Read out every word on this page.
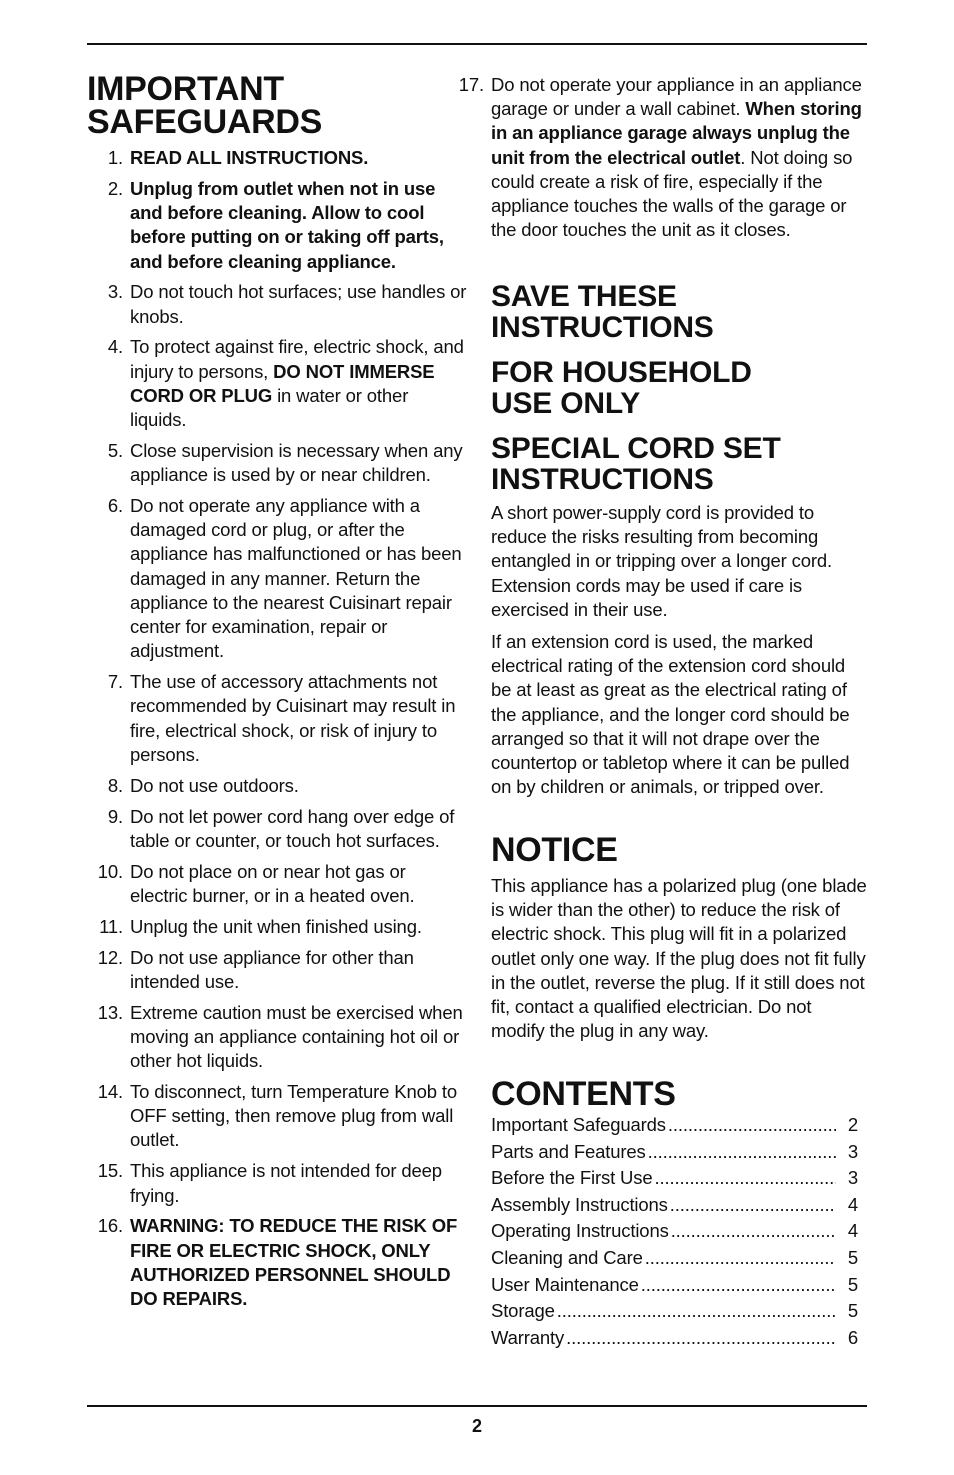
IMPORTANT
SAFEGUARDS
1. READ ALL INSTRUCTIONS.
2. Unplug from outlet when not in use and before cleaning. Allow to cool before putting on or taking off parts, and before cleaning appliance.
3. Do not touch hot surfaces; use handles or knobs.
4. To protect against fire, electric shock, and injury to persons, DO NOT IMMERSE CORD OR PLUG in water or other liquids.
5. Close supervision is necessary when any appliance is used by or near children.
6. Do not operate any appliance with a damaged cord or plug, or after the appliance has malfunctioned or has been damaged in any manner. Return the appliance to the nearest Cuisinart repair center for examination, repair or adjustment.
7. The use of accessory attachments not recommended by Cuisinart may result in fire, electrical shock, or risk of injury to persons.
8. Do not use outdoors.
9. Do not let power cord hang over edge of table or counter, or touch hot surfaces.
10. Do not place on or near hot gas or electric burner, or in a heated oven.
11. Unplug the unit when finished using.
12. Do not use appliance for other than intended use.
13. Extreme caution must be exercised when moving an appliance containing hot oil or other hot liquids.
14. To disconnect, turn Temperature Knob to OFF setting, then remove plug from wall outlet.
15. This appliance is not intended for deep frying.
16. WARNING: TO REDUCE THE RISK OF FIRE OR ELECTRIC SHOCK, ONLY AUTHORIZED PERSONNEL SHOULD DO REPAIRS.
17. Do not operate your appliance in an appliance garage or under a wall cabinet. When storing in an appliance garage always unplug the unit from the electrical outlet. Not doing so could create a risk of fire, especially if the appliance touches the walls of the garage or the door touches the unit as it closes.
SAVE THESE
INSTRUCTIONS
FOR HOUSEHOLD
USE ONLY
SPECIAL CORD SET
INSTRUCTIONS

A short power-supply cord is provided to reduce the risks resulting from becoming entangled in or tripping over a longer cord. Extension cords may be used if care is exercised in their use.

If an extension cord is used, the marked electrical rating of the extension cord should be at least as great as the electrical rating of the appliance, and the longer cord should be arranged so that it will not drape over the countertop or tabletop where it can be pulled on by children or animals, or tripped over.

NOTICE

This appliance has a polarized plug (one blade is wider than the other) to reduce the risk of electric shock. This plug will fit in a polarized outlet only one way. If the plug does not fit fully in the outlet, reverse the plug. If it still does not fit, contact a qualified electrician. Do not modify the plug in any way.

CONTENTS
Important Safeguards .....	2
Parts and Features .....	3
Before the First Use .....	3
Assembly Instructions .....	4
Operating Instructions .....	4
Cleaning and Care .....	5
User Maintenance .....	5
Storage .....	5
Warranty .....	6
2
